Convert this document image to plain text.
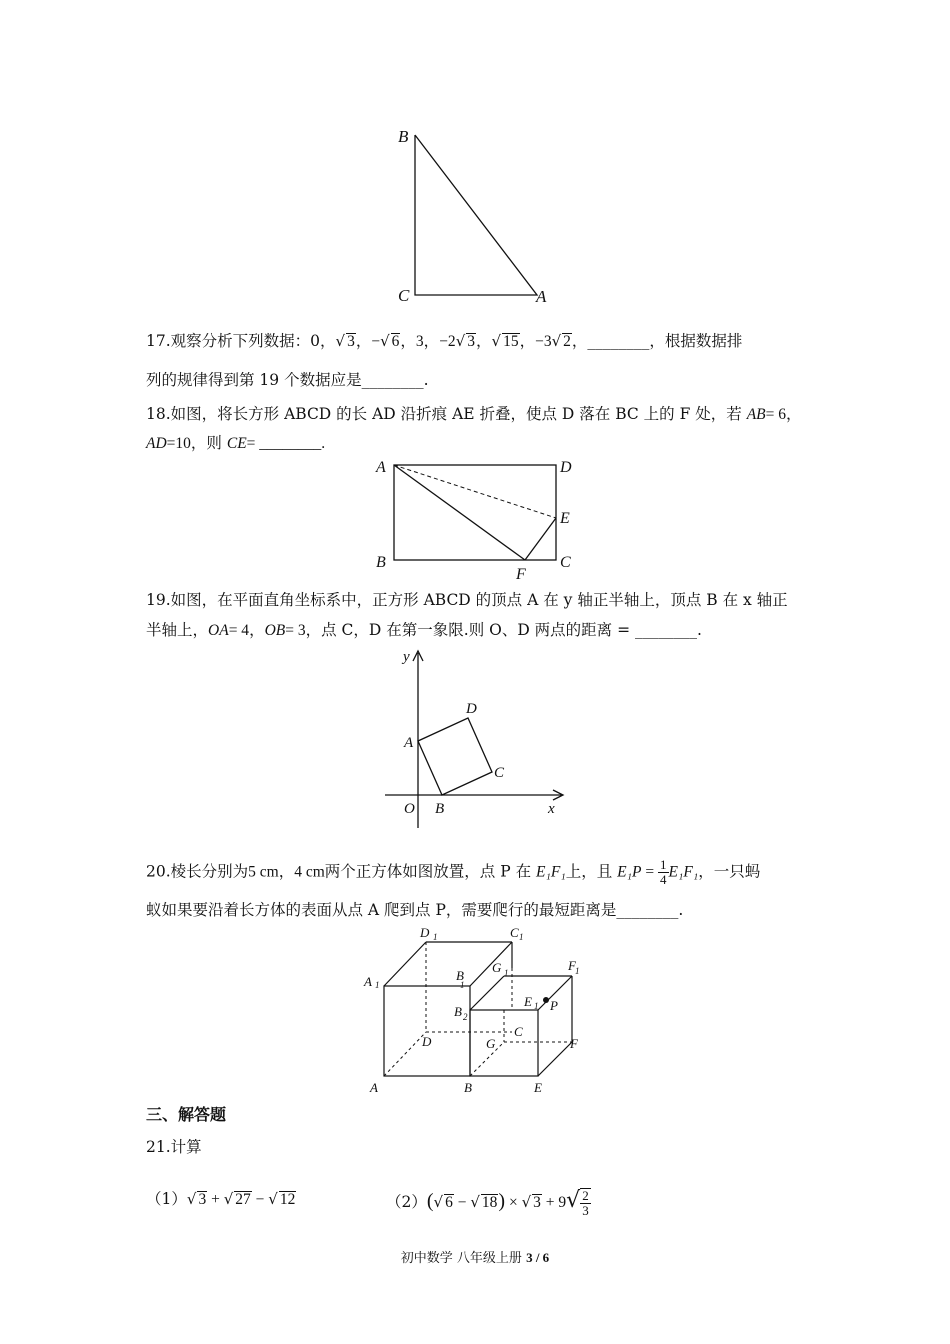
B
C	A
17.观察分析下列数据：0，√ 3，−√ 6，3，−2√ 3，√ 15，−3√ 2，________，根据数据排
列的规律得到第 19 个数据应是________.
18.如图，将长方形 ABCD 的长 AD 沿折痕 AE 折叠，使点 D 落在 BC 上的 F 处，若 AB= 6，
AD=10，则 CE= ________.
A	D
E
B
F
C
19.如图，在平面直角坐标系中，正方形 ABCD 的顶点 A 在 y 轴正半轴上，顶点 B 在 x 轴正
半轴上，OA= 4，OB= 3，点 C，D 在第一象限.则 O、D 两点的距离 = ________.
y
x
O
A
B
C
D
20.棱长分别为5 cm，4 cm两个正方体如图放置，点 P 在 E₁F₁上，且 $E_1P = \frac{1}{4} E_1F_1$，一只蚂
蚁如果要沿着长方体的表面从点 A 爬到点 P，需要爬行的最短距离是________.
D	C
A	B
G	F
B
E P
C
D	G	F
A	B	E
1
1	1
1
1	1
2
1
三、解答题
21.计算
（1）√ 3 + √ 27 − √ 12	（2）(√ 6 − √ 18) × √ $3 + 9√ \frac{2}{3}$
初中数学 八年级上册 3 / 6
